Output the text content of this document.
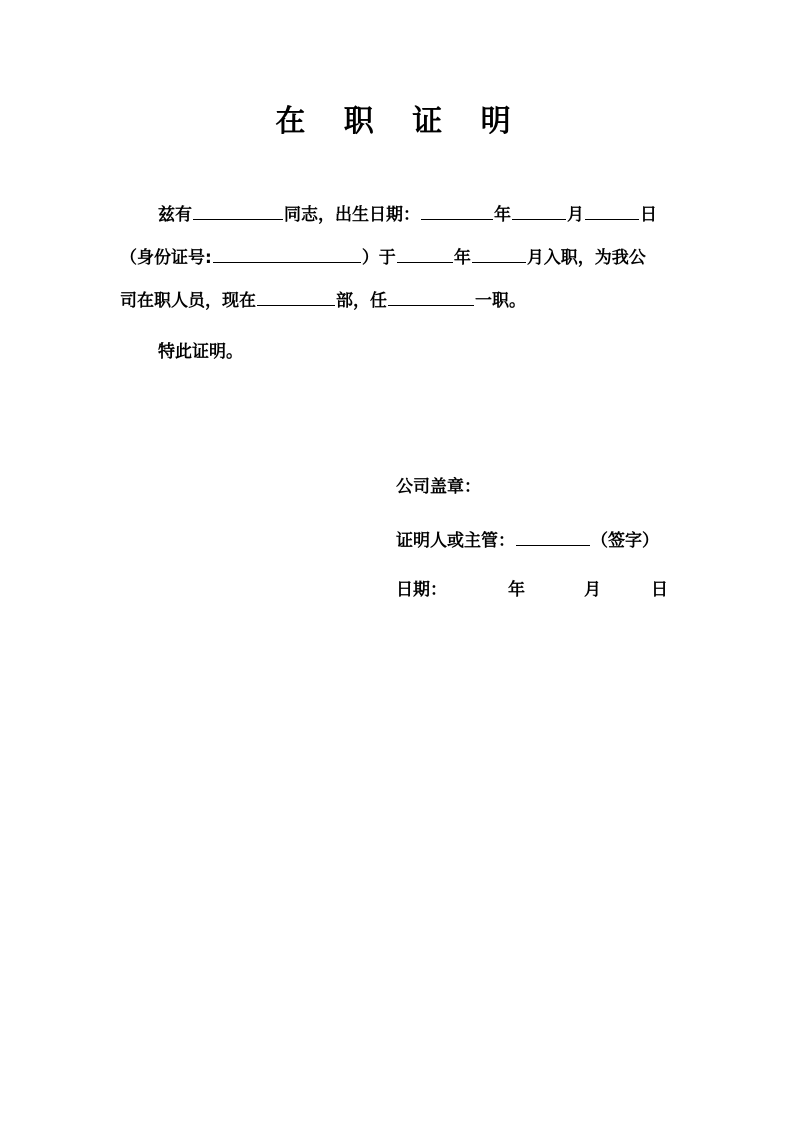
在 职 证 明
兹有	同志，出生日期：	年	月	日
（身份证号:	）于	年	月入职，为我公
司在职人员，现在	部，任	一职。
特此证明。
公司盖章：
证明人或主管：	（签字）
日期：	年	月	日
